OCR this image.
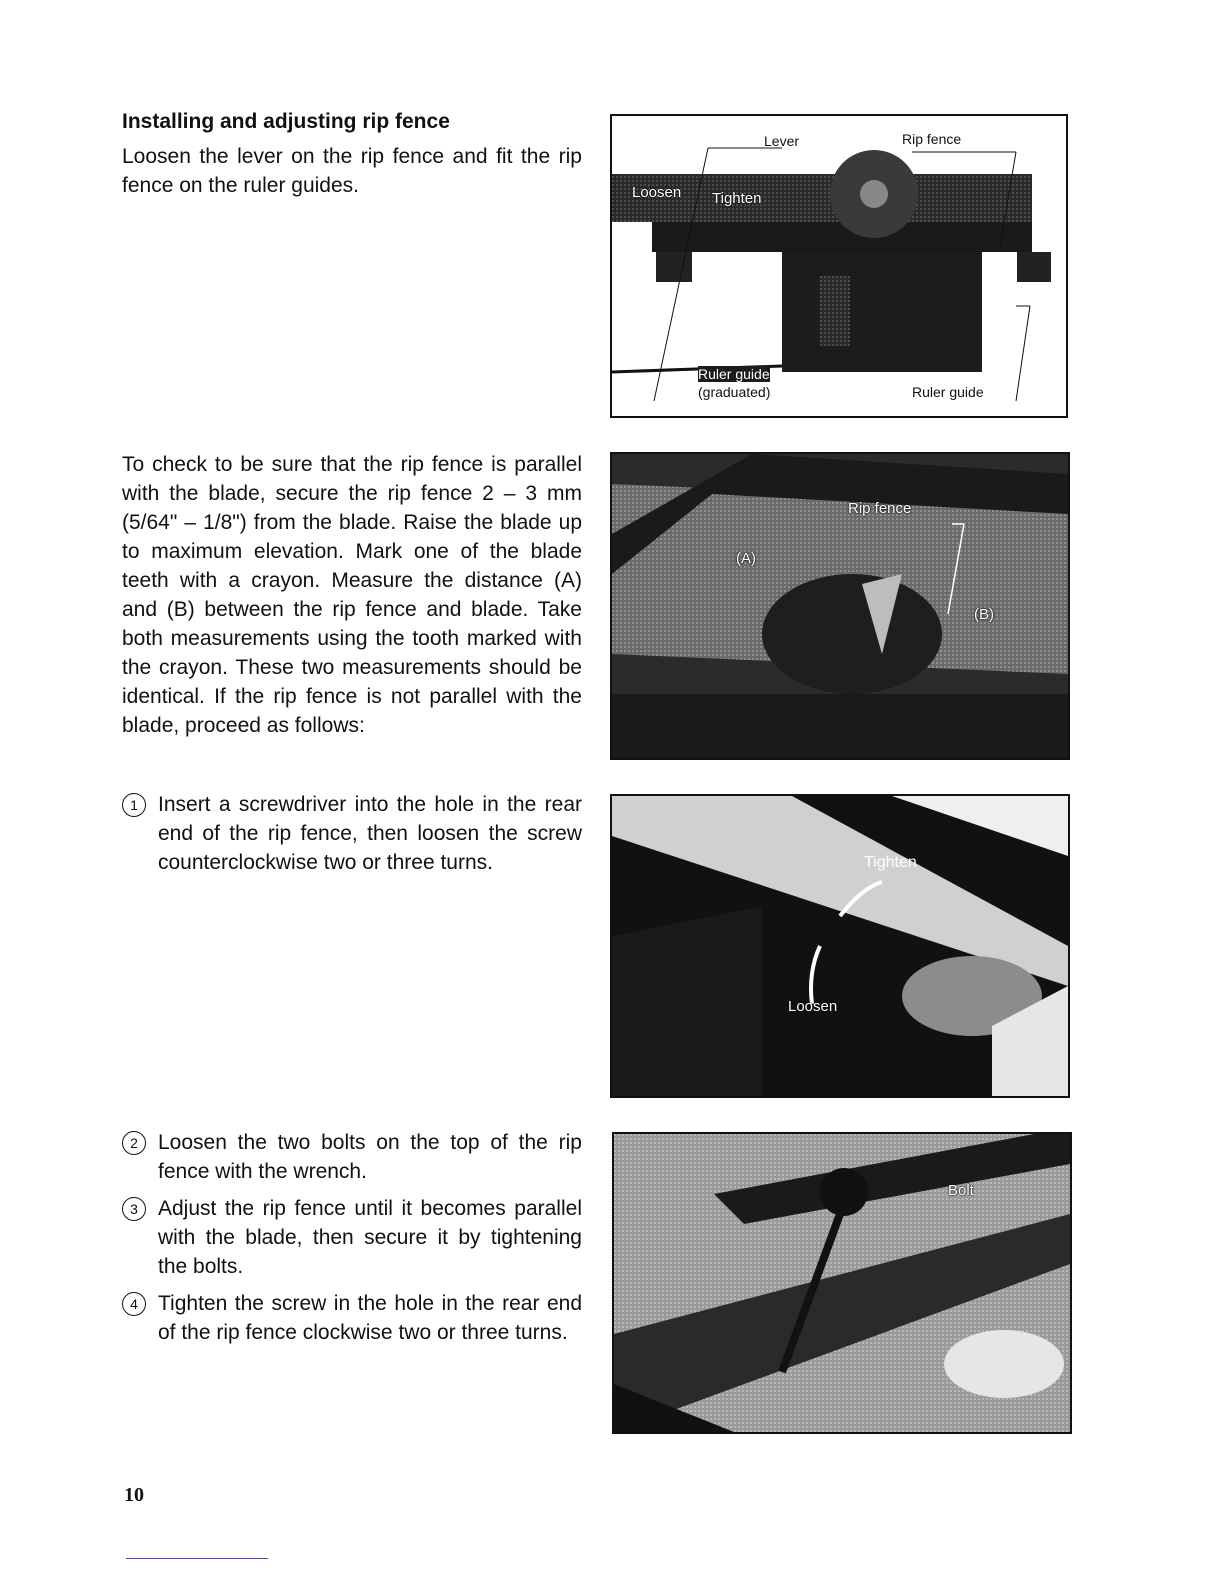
Installing and adjusting rip fence

Loosen the lever on the rip fence and fit the rip fence on the ruler guides.

To check to be sure that the rip fence is parallel with the blade, secure the rip fence 2 – 3 mm (5/64" – 1/8") from the blade. Raise the blade up to maximum elevation. Mark one of the blade teeth with a crayon. Measure the distance (A) and (B) between the rip fence and blade. Take both measurements using the tooth marked with the crayon. These two measurements should be identical. If the rip fence is not parallel with the blade, proceed as follows:

1 Insert a screwdriver into the hole in the rear end of the rip fence, then loosen the screw counterclockwise two or three turns.
2 Loosen the two bolts on the top of the rip fence with the wrench.
3 Adjust the rip fence until it becomes parallel with the blade, then secure it by tightening the bolts.
4 Tighten the screw in the hole in the rear end of the rip fence clockwise two or three turns.
Lever	Rip fence
Loosen Tighten
Ruler guide
(graduated)	Ruler guide
Rip fence
(A)
(B)
Tighten
Loosen
Bolt
10
